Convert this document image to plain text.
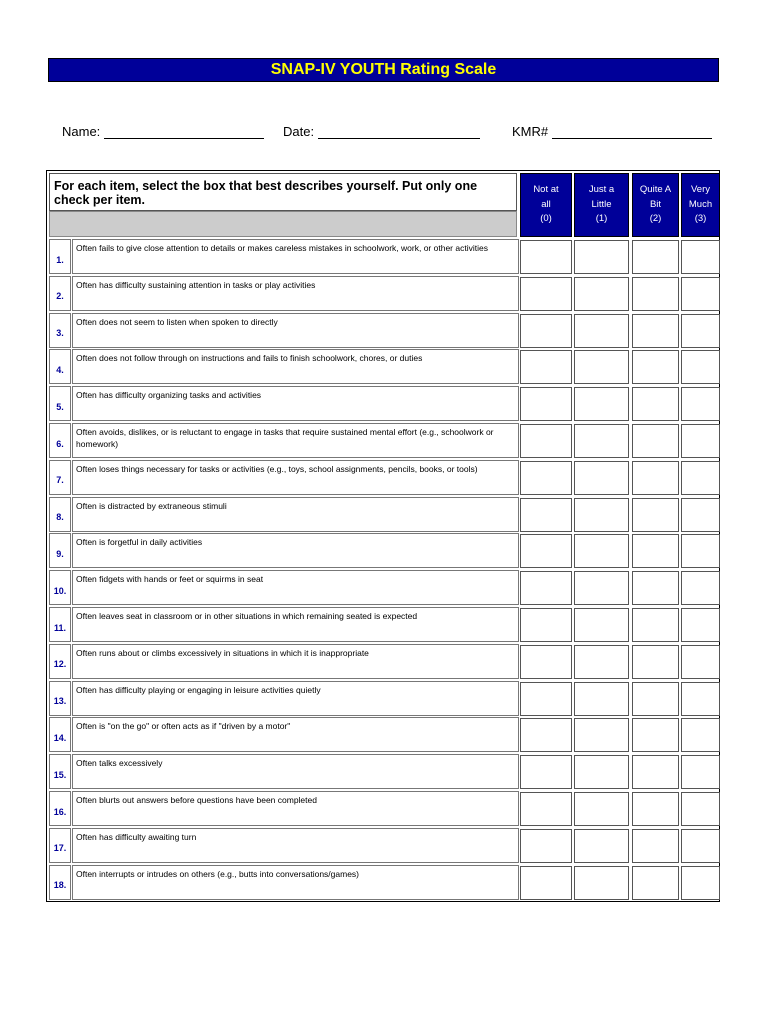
SNAP-IV YOUTH Rating Scale
Name:	Date:	KMR#
For each item, select the box that best describes yourself. Put only one check per item.
Not at
all
(0)
Just a
Little
(1)
Quite A
Bit
(2)
Very
Much
(3)
1.
Often fails to give close attention to details or makes careless mistakes in schoolwork, work, or other activities
2.
Often has difficulty sustaining attention in tasks or play activities
3.
Often does not seem to listen when spoken to directly
4.
Often does not follow through on instructions and fails to finish schoolwork, chores, or duties
5.
Often has difficulty organizing tasks and activities
6.
Often avoids, dislikes, or is reluctant to engage in tasks that require sustained mental effort (e.g., schoolwork or homework)
7.
Often loses things necessary for tasks or activities (e.g., toys, school assignments, pencils, books, or tools)
8.
Often is distracted by extraneous stimuli
9.
Often is forgetful in daily activities
10.
Often fidgets with hands or feet or squirms in seat
11.
Often leaves seat in classroom or in other situations in which remaining seated is expected
12.
Often runs about or climbs excessively in situations in which it is inappropriate
13.
Often has difficulty playing or engaging in leisure activities quietly
14.
Often is "on the go" or often acts as if "driven by a motor"
15.
Often talks excessively
16.
Often blurts out answers before questions have been completed
17.
Often has difficulty awaiting turn
18.
Often interrupts or intrudes on others (e.g., butts into conversations/games)
